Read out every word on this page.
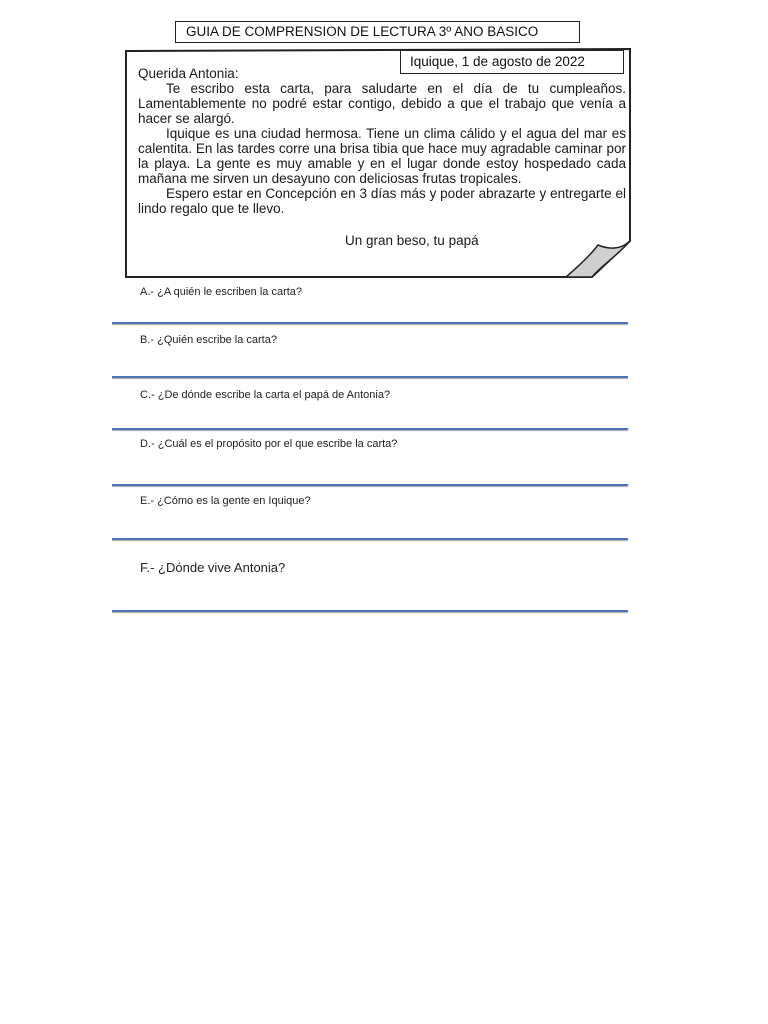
GUIA DE COMPRENSION DE LECTURA 3º ANO BASICO
Iquique, 1 de agosto de 2022

Querida Antonia:

Te escribo esta carta, para saludarte en el día de tu cumpleaños. Lamentablemente no podré estar contigo, debido a que el trabajo que venía a hacer se alargó.

Iquique es una ciudad hermosa. Tiene un clima cálido y el agua del mar es calentita. En las tardes corre una brisa tibia que hace muy agradable caminar por la playa. La gente es muy amable y en el lugar donde estoy hospedado cada mañana me sirven un desayuno con deliciosas frutas tropicales.

Espero estar en Concepción en 3 días más y poder abrazarte y entregarte el lindo regalo que te llevo.

Un gran beso, tu papá
A.- ¿A quién le escriben la carta?
B.- ¿Quién escribe la carta?
C.- ¿De dónde escribe la carta el papá de Antonia?
D.- ¿Cuál es el propósito por el que escribe la carta?
E.- ¿Cómo es la gente en Iquique?
F.- ¿Dónde vive Antonia?
